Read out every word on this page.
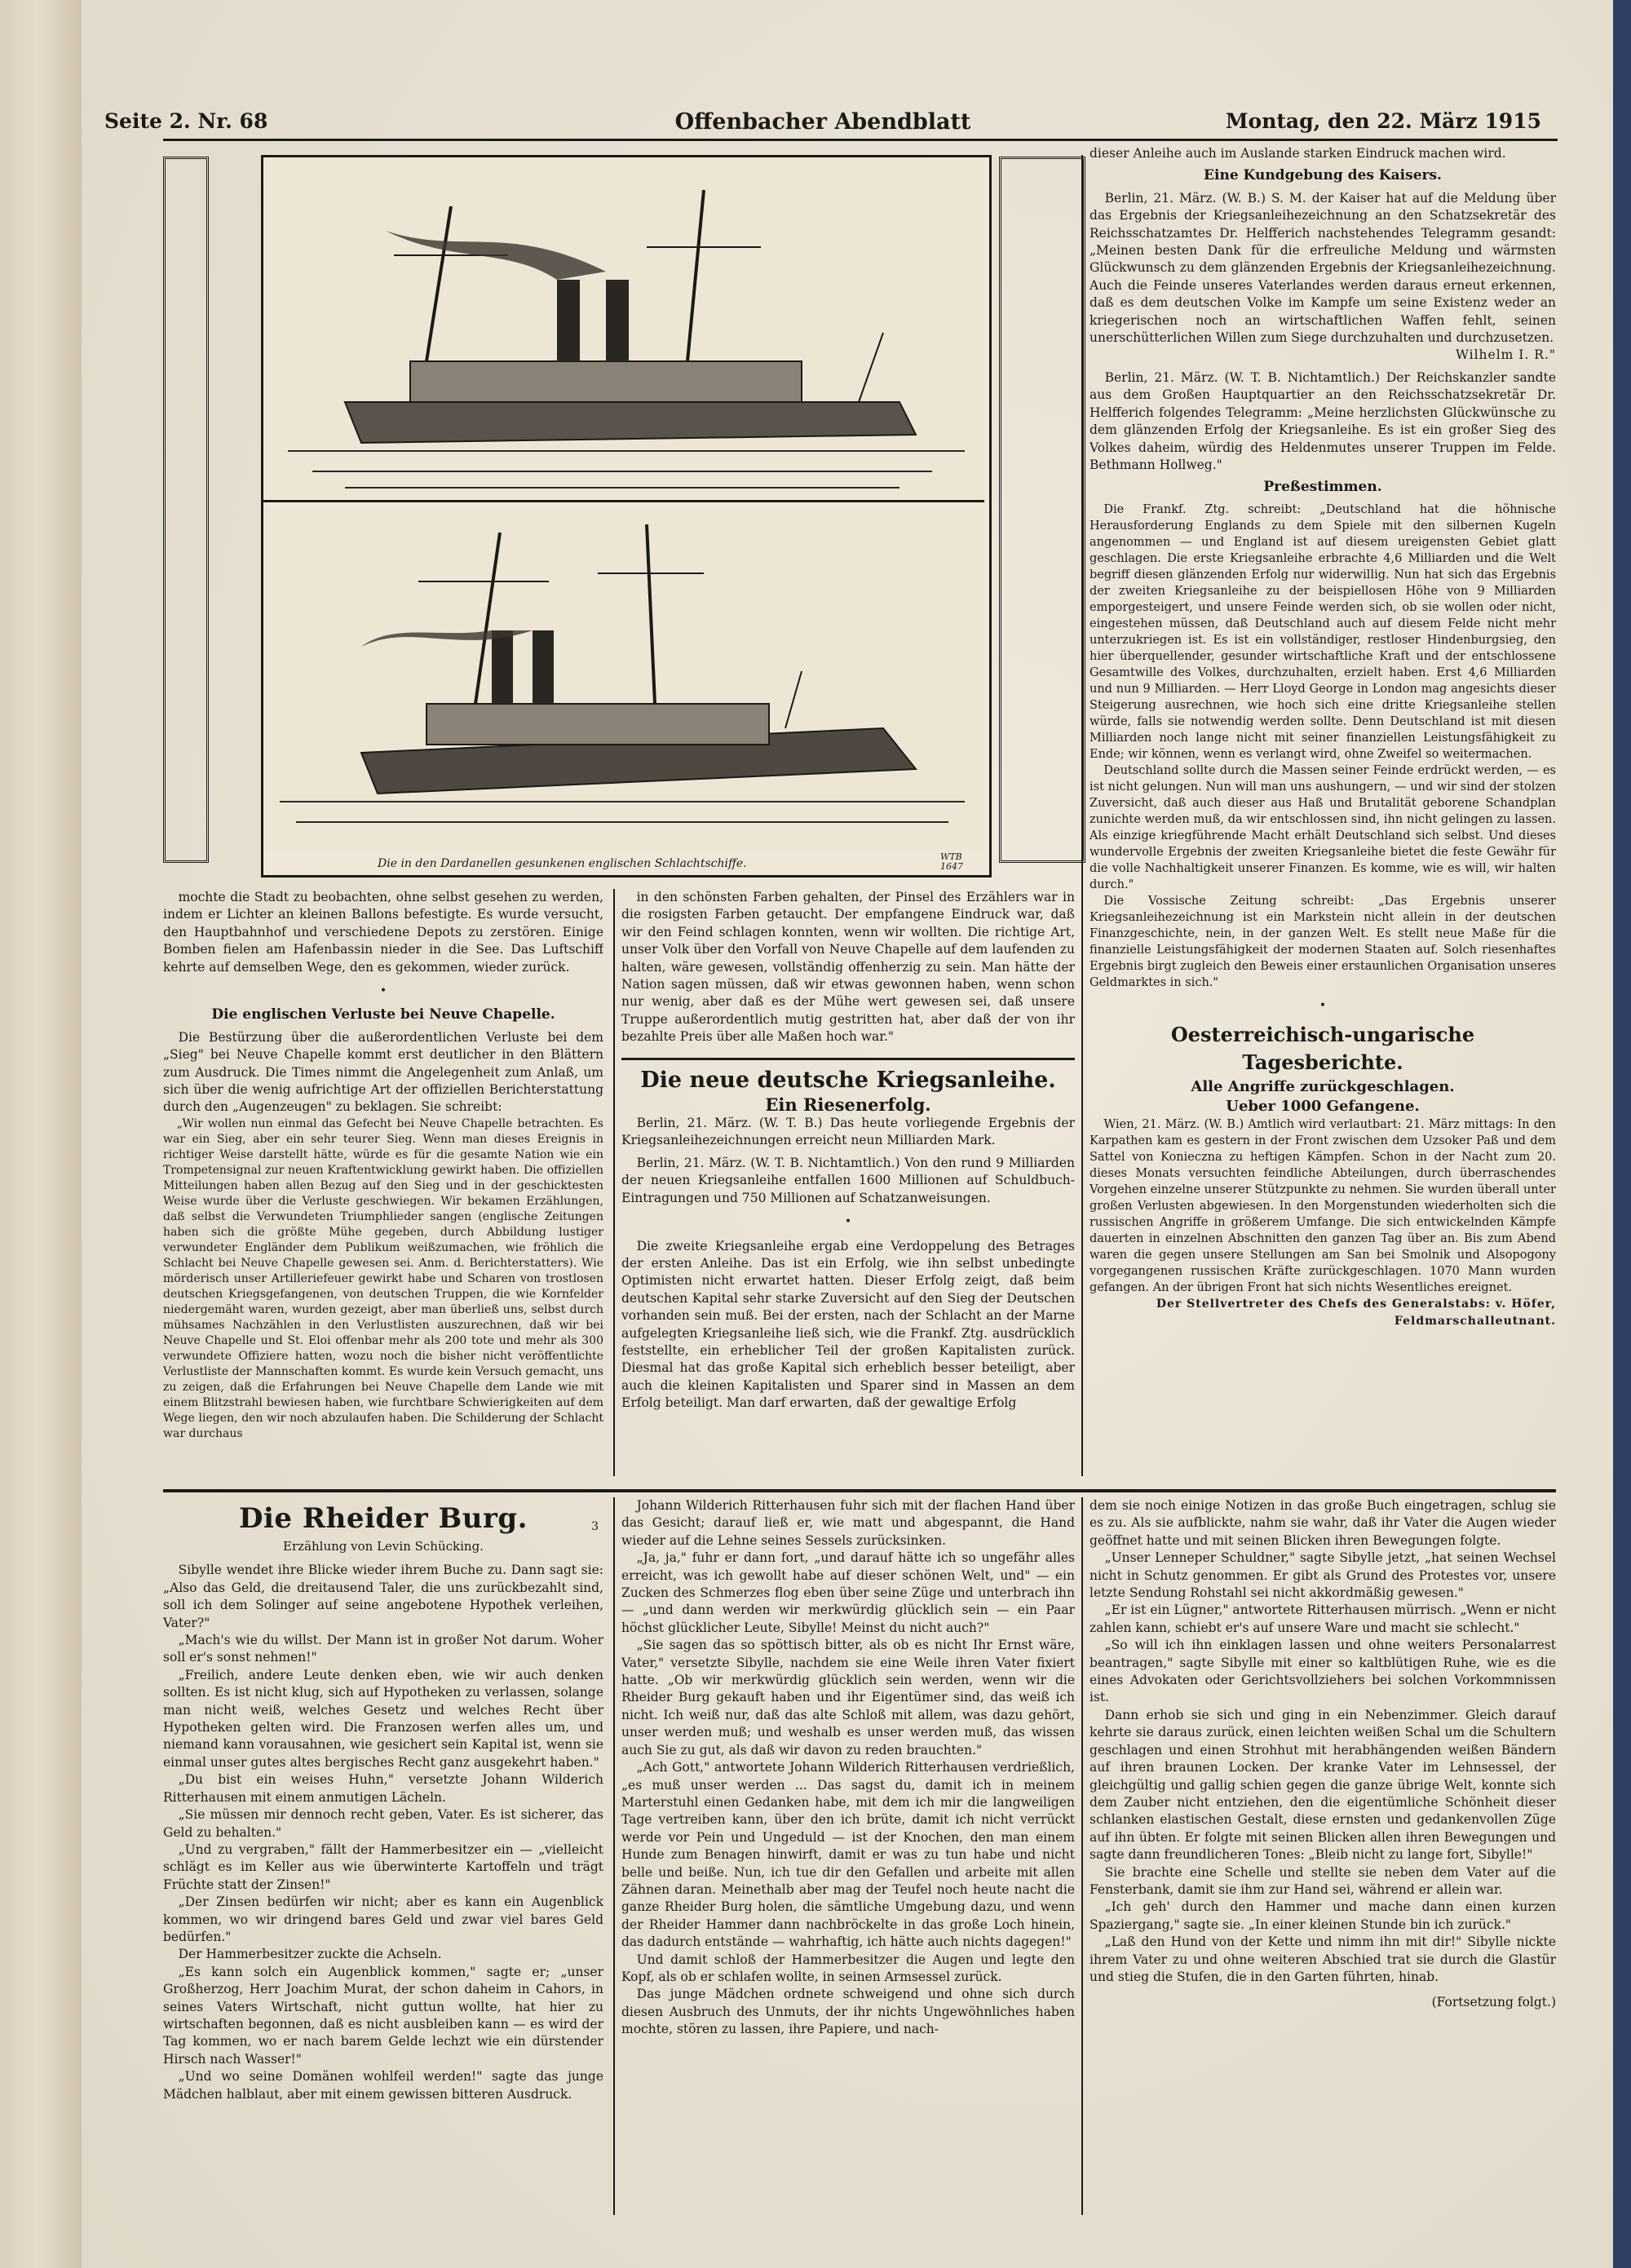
Seite 2. Nr. 68	Offenbacher Abendblatt	Montag, den 22. März 1915
Die in den Dardanellen gesunkenen englischen Schlachtschiffe.
WTB 1647

mochte die Stadt zu beobachten, ohne selbst gesehen zu werden, indem er Lichter an kleinen Ballons befestigte. Es wurde versucht, den Hauptbahnhof und verschiedene Depots zu zerstören. Einige Bomben fielen am Hafenbassin nieder in die See. Das Luftschiff kehrte auf demselben Wege, den es gekommen, wieder zurück.

•

Die englischen Verluste bei Neuve Chapelle.

Die Bestürzung über die außerordentlichen Verluste bei dem „Sieg" bei Neuve Chapelle kommt erst deutlicher in den Blättern zum Ausdruck. Die Times nimmt die Angelegenheit zum Anlaß, um sich über die wenig aufrichtige Art der offiziellen Berichterstattung durch den „Augenzeugen" zu beklagen. Sie schreibt:

„Wir wollen nun einmal das Gefecht bei Neuve Chapelle betrachten. Es war ein Sieg, aber ein sehr teurer Sieg. Wenn man dieses Ereignis in richtiger Weise darstellt hätte, würde es für die gesamte Nation wie ein Trompetensignal zur neuen Kraftentwicklung gewirkt haben. Die offiziellen Mitteilungen haben allen Bezug auf den Sieg und in der geschicktesten Weise wurde über die Verluste geschwiegen. Wir bekamen Erzählungen, daß selbst die Verwundeten Triumphlieder sangen (englische Zeitungen haben sich die größte Mühe gegeben, durch Abbildung lustiger verwundeter Engländer dem Publikum weißzumachen, wie fröhlich die Schlacht bei Neuve Chapelle gewesen sei. Anm. d. Berichterstatters). Wie mörderisch unser Artilleriefeuer gewirkt habe und Scharen von trostlosen deutschen Kriegsgefangenen, von deutschen Truppen, die wie Kornfelder niedergemäht waren, wurden gezeigt, aber man überließ uns, selbst durch mühsames Nachzählen in den Verlustlisten auszurechnen, daß wir bei Neuve Chapelle und St. Eloi offenbar mehr als 200 tote und mehr als 300 verwundete Offiziere hatten, wozu noch die bisher nicht veröffentlichte Verlustliste der Mannschaften kommt. Es wurde kein Versuch gemacht, uns zu zeigen, daß die Erfahrungen bei Neuve Chapelle dem Lande wie mit einem Blitzstrahl bewiesen haben, wie furchtbare Schwierigkeiten auf dem Wege liegen, den wir noch abzulaufen haben. Die Schilderung der Schlacht war durchaus

in den schönsten Farben gehalten, der Pinsel des Erzählers war in die rosigsten Farben getaucht. Der empfangene Eindruck war, daß wir den Feind schlagen konnten, wenn wir wollten. Die richtige Art, unser Volk über den Vorfall von Neuve Chapelle auf dem laufenden zu halten, wäre gewesen, vollständig offenherzig zu sein. Man hätte der Nation sagen müssen, daß wir etwas gewonnen haben, wenn schon nur wenig, aber daß es der Mühe wert gewesen sei, daß unsere Truppe außerordentlich mutig gestritten hat, aber daß der von ihr bezahlte Preis über alle Maßen hoch war."

Die neue deutsche Kriegsanleihe.
Ein Riesenerfolg.

Berlin, 21. März. (W. T. B.) Das heute vorliegende Ergebnis der Kriegsanleihezeichnungen erreicht neun Milliarden Mark.

Berlin, 21. März. (W. T. B. Nichtamtlich.) Von den rund 9 Milliarden der neuen Kriegsanleihe entfallen 1600 Millionen auf Schuldbuch-Eintragungen und 750 Millionen auf Schatzanweisungen.

•

Die zweite Kriegsanleihe ergab eine Verdoppelung des Betrages der ersten Anleihe. Das ist ein Erfolg, wie ihn selbst unbedingte Optimisten nicht erwartet hatten. Dieser Erfolg zeigt, daß beim deutschen Kapital sehr starke Zuversicht auf den Sieg der Deutschen vorhanden sein muß. Bei der ersten, nach der Schlacht an der Marne aufgelegten Kriegsanleihe ließ sich, wie die Frankf. Ztg. ausdrücklich feststellte, ein erheblicher Teil der großen Kapitalisten zurück. Diesmal hat das große Kapital sich erheblich besser beteiligt, aber auch die kleinen Kapitalisten und Sparer sind in Massen an dem Erfolg beteiligt. Man darf erwarten, daß der gewaltige Erfolg

dieser Anleihe auch im Auslande starken Eindruck machen wird.

Eine Kundgebung des Kaisers.

Berlin, 21. März. (W. B.) S. M. der Kaiser hat auf die Meldung über das Ergebnis der Kriegsanleihezeichnung an den Schatzsekretär des Reichsschatzamtes Dr. Helfferich nachstehendes Telegramm gesandt: „Meinen besten Dank für die erfreuliche Meldung und wärmsten Glückwunsch zu dem glänzenden Ergebnis der Kriegsanleihezeichnung. Auch die Feinde unseres Vaterlandes werden daraus erneut erkennen, daß es dem deutschen Volke im Kampfe um seine Existenz weder an kriegerischen noch an wirtschaftlichen Waffen fehlt, seinen unerschütterlichen Willen zum Siege durchzuhalten und durchzusetzen.

Wilhelm I. R."

Berlin, 21. März. (W. T. B. Nichtamtlich.) Der Reichskanzler sandte aus dem Großen Hauptquartier an den Reichsschatzsekretär Dr. Helfferich folgendes Telegramm: „Meine herzlichsten Glückwünsche zu dem glänzenden Erfolg der Kriegsanleihe. Es ist ein großer Sieg des Volkes daheim, würdig des Heldenmutes unserer Truppen im Felde. Bethmann Hollweg."

Preßestimmen.

Die Frankf. Ztg. schreibt: „Deutschland hat die höhnische Herausforderung Englands zu dem Spiele mit den silbernen Kugeln angenommen — und England ist auf diesem ureigensten Gebiet glatt geschlagen. Die erste Kriegsanleihe erbrachte 4,6 Milliarden und die Welt begriff diesen glänzenden Erfolg nur widerwillig. Nun hat sich das Ergebnis der zweiten Kriegsanleihe zu der beispiellosen Höhe von 9 Milliarden emporgesteigert, und unsere Feinde werden sich, ob sie wollen oder nicht, eingestehen müssen, daß Deutschland auch auf diesem Felde nicht mehr unterzukriegen ist. Es ist ein vollständiger, restloser Hindenburgsieg, den hier überquellender, gesunder wirtschaftliche Kraft und der entschlossene Gesamtwille des Volkes, durchzuhalten, erzielt haben. Erst 4,6 Milliarden und nun 9 Milliarden. — Herr Lloyd George in London mag angesichts dieser Steigerung ausrechnen, wie hoch sich eine dritte Kriegsanleihe stellen würde, falls sie notwendig werden sollte. Denn Deutschland ist mit diesen Milliarden noch lange nicht mit seiner finanziellen Leistungsfähigkeit zu Ende; wir können, wenn es verlangt wird, ohne Zweifel so weitermachen.

Deutschland sollte durch die Massen seiner Feinde erdrückt werden, — es ist nicht gelungen. Nun will man uns aushungern, — und wir sind der stolzen Zuversicht, daß auch dieser aus Haß und Brutalität geborene Schandplan zunichte werden muß, da wir entschlossen sind, ihn nicht gelingen zu lassen. Als einzige kriegführende Macht erhält Deutschland sich selbst. Und dieses wundervolle Ergebnis der zweiten Kriegsanleihe bietet die feste Gewähr für die volle Nachhaltigkeit unserer Finanzen. Es komme, wie es will, wir halten durch."

Die Vossische Zeitung schreibt: „Das Ergebnis unserer Kriegsanleihezeichnung ist ein Markstein nicht allein in der deutschen Finanzgeschichte, nein, in der ganzen Welt. Es stellt neue Maße für die finanzielle Leistungsfähigkeit der modernen Staaten auf. Solch riesenhaftes Ergebnis birgt zugleich den Beweis einer erstaunlichen Organisation unseres Geldmarktes in sich."

•
Oesterreichisch-ungarische Tagesberichte.
Alle Angriffe zurückgeschlagen.
Ueber 1000 Gefangene.

Wien, 21. März. (W. B.) Amtlich wird verlautbart: 21. März mittags: In den Karpathen kam es gestern in der Front zwischen dem Uzsoker Paß und dem Sattel von Konieczna zu heftigen Kämpfen. Schon in der Nacht zum 20. dieses Monats versuchten feindliche Abteilungen, durch überraschendes Vorgehen einzelne unserer Stützpunkte zu nehmen. Sie wurden überall unter großen Verlusten abgewiesen. In den Morgenstunden wiederholten sich die russischen Angriffe in größerem Umfange. Die sich entwickelnden Kämpfe dauerten in einzelnen Abschnitten den ganzen Tag über an. Bis zum Abend waren die gegen unsere Stellungen am San bei Smolnik und Alsopogony vorgegangenen russischen Kräfte zurückgeschlagen. 1070 Mann wurden gefangen. An der übrigen Front hat sich nichts Wesentliches ereignet.

Der Stellvertreter des Chefs des Generalstabs: v. Höfer, Feldmarschalleutnant.

Die Rheider Burg.	3
Erzählung von Levin Schücking.

Sibylle wendet ihre Blicke wieder ihrem Buche zu. Dann sagt sie: „Also das Geld, die dreitausend Taler, die uns zurückbezahlt sind, soll ich dem Solinger auf seine angebotene Hypothek verleihen, Vater?"

„Mach's wie du willst. Der Mann ist in großer Not darum. Woher soll er's sonst nehmen!"

„Freilich, andere Leute denken eben, wie wir auch denken sollten. Es ist nicht klug, sich auf Hypotheken zu verlassen, solange man nicht weiß, welches Gesetz und welches Recht über Hypotheken gelten wird. Die Franzosen werfen alles um, und niemand kann vorausahnen, wie gesichert sein Kapital ist, wenn sie einmal unser gutes altes bergisches Recht ganz ausgekehrt haben."

„Du bist ein weises Huhn," versetzte Johann Wilderich Ritterhausen mit einem anmutigen Lächeln.

„Sie müssen mir dennoch recht geben, Vater. Es ist sicherer, das Geld zu behalten."

„Und zu vergraben," fällt der Hammerbesitzer ein — „vielleicht schlägt es im Keller aus wie überwinterte Kartoffeln und trägt Früchte statt der Zinsen!"

„Der Zinsen bedürfen wir nicht; aber es kann ein Augenblick kommen, wo wir dringend bares Geld und zwar viel bares Geld bedürfen."

Der Hammerbesitzer zuckte die Achseln.

„Es kann solch ein Augenblick kommen," sagte er; „unser Großherzog, Herr Joachim Murat, der schon daheim in Cahors, in seines Vaters Wirtschaft, nicht guttun wollte, hat hier zu wirtschaften begonnen, daß es nicht ausbleiben kann — es wird der Tag kommen, wo er nach barem Gelde lechzt wie ein dürstender Hirsch nach Wasser!"

„Und wo seine Domänen wohlfeil werden!" sagte das junge Mädchen halblaut, aber mit einem gewissen bitteren Ausdruck.

Johann Wilderich Ritterhausen fuhr sich mit der flachen Hand über das Gesicht; darauf ließ er, wie matt und abgespannt, die Hand wieder auf die Lehne seines Sessels zurücksinken.

„Ja, ja," fuhr er dann fort, „und darauf hätte ich so ungefähr alles erreicht, was ich gewollt habe auf dieser schönen Welt, und" — ein Zucken des Schmerzes flog eben über seine Züge und unterbrach ihn — „und dann werden wir merkwürdig glücklich sein — ein Paar höchst glücklicher Leute, Sibylle! Meinst du nicht auch?"

„Sie sagen das so spöttisch bitter, als ob es nicht Ihr Ernst wäre, Vater," versetzte Sibylle, nachdem sie eine Weile ihren Vater fixiert hatte. „Ob wir merkwürdig glücklich sein werden, wenn wir die Rheider Burg gekauft haben und ihr Eigentümer sind, das weiß ich nicht. Ich weiß nur, daß das alte Schloß mit allem, was dazu gehört, unser werden muß; und weshalb es unser werden muß, das wissen auch Sie zu gut, als daß wir davon zu reden brauchten."

„Ach Gott," antwortete Johann Wilderich Ritterhausen verdrießlich, „es muß unser werden ... Das sagst du, damit ich in meinem Marterstuhl einen Gedanken habe, mit dem ich mir die langweiligen Tage vertreiben kann, über den ich brüte, damit ich nicht verrückt werde vor Pein und Ungeduld — ist der Knochen, den man einem Hunde zum Benagen hinwirft, damit er was zu tun habe und nicht belle und beiße. Nun, ich tue dir den Gefallen und arbeite mit allen Zähnen daran. Meinethalb aber mag der Teufel noch heute nacht die ganze Rheider Burg holen, die sämtliche Umgebung dazu, und wenn der Rheider Hammer dann nachbröckelte in das große Loch hinein, das dadurch entstände — wahrhaftig, ich hätte auch nichts dagegen!"

Und damit schloß der Hammerbesitzer die Augen und legte den Kopf, als ob er schlafen wollte, in seinen Armsessel zurück.

Das junge Mädchen ordnete schweigend und ohne sich durch diesen Ausbruch des Unmuts, der ihr nichts Ungewöhnliches haben mochte, stören zu lassen, ihre Papiere, und nach-

dem sie noch einige Notizen in das große Buch eingetragen, schlug sie es zu. Als sie aufblickte, nahm sie wahr, daß ihr Vater die Augen wieder geöffnet hatte und mit seinen Blicken ihren Bewegungen folgte.

„Unser Lenneper Schuldner," sagte Sibylle jetzt, „hat seinen Wechsel nicht in Schutz genommen. Er gibt als Grund des Protestes vor, unsere letzte Sendung Rohstahl sei nicht akkordmäßig gewesen."

„Er ist ein Lügner," antwortete Ritterhausen mürrisch. „Wenn er nicht zahlen kann, schiebt er's auf unsere Ware und macht sie schlecht."

„So will ich ihn einklagen lassen und ohne weiters Personalarrest beantragen," sagte Sibylle mit einer so kaltblütigen Ruhe, wie es die eines Advokaten oder Gerichtsvollziehers bei solchen Vorkommnissen ist.

Dann erhob sie sich und ging in ein Nebenzimmer. Gleich darauf kehrte sie daraus zurück, einen leichten weißen Schal um die Schultern geschlagen und einen Strohhut mit herabhängenden weißen Bändern auf ihren braunen Locken. Der kranke Vater im Lehnsessel, der gleichgültig und gallig schien gegen die ganze übrige Welt, konnte sich dem Zauber nicht entziehen, den die eigentümliche Schönheit dieser schlanken elastischen Gestalt, diese ernsten und gedankenvollen Züge auf ihn übten. Er folgte mit seinen Blicken allen ihren Bewegungen und sagte dann freundlicheren Tones: „Bleib nicht zu lange fort, Sibylle!"

Sie brachte eine Schelle und stellte sie neben dem Vater auf die Fensterbank, damit sie ihm zur Hand sei, während er allein war.

„Ich geh' durch den Hammer und mache dann einen kurzen Spaziergang," sagte sie. „In einer kleinen Stunde bin ich zurück."

„Laß den Hund von der Kette und nimm ihn mit dir!" Sibylle nickte ihrem Vater zu und ohne weiteren Abschied trat sie durch die Glastür und stieg die Stufen, die in den Garten führten, hinab.

(Fortsetzung folgt.)
